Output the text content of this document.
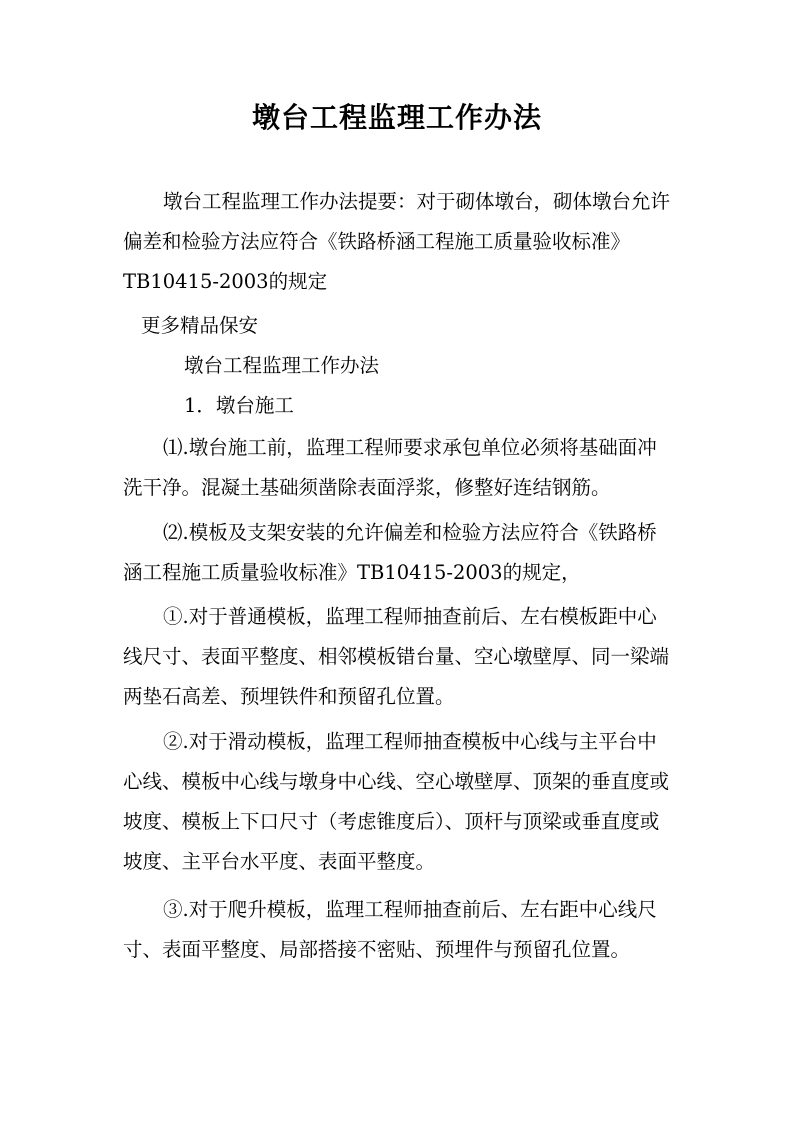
墩台工程监理工作办法

墩台工程监理工作办法提要：对于砌体墩台，砌体墩台允许偏差和检验方法应符合《铁路桥涵工程施工质量验收标准》TB10415-2003的规定

更多精品保安

墩台工程监理工作办法

1．墩台施工

⑴.墩台施工前，监理工程师要求承包单位必须将基础面冲洗干净。混凝土基础须凿除表面浮浆，修整好连结钢筋。

⑵.模板及支架安装的允许偏差和检验方法应符合《铁路桥涵工程施工质量验收标准》TB10415-2003的规定，

①.对于普通模板，监理工程师抽查前后、左右模板距中心线尺寸、表面平整度、相邻模板错台量、空心墩壁厚、同一梁端两垫石高差、预埋铁件和预留孔位置。

②.对于滑动模板，监理工程师抽查模板中心线与主平台中心线、模板中心线与墩身中心线、空心墩壁厚、顶架的垂直度或坡度、模板上下口尺寸（考虑锥度后）、顶杆与顶梁或垂直度或坡度、主平台水平度、表面平整度。

③.对于爬升模板，监理工程师抽查前后、左右距中心线尺寸、表面平整度、局部搭接不密贴、预埋件与预留孔位置。
